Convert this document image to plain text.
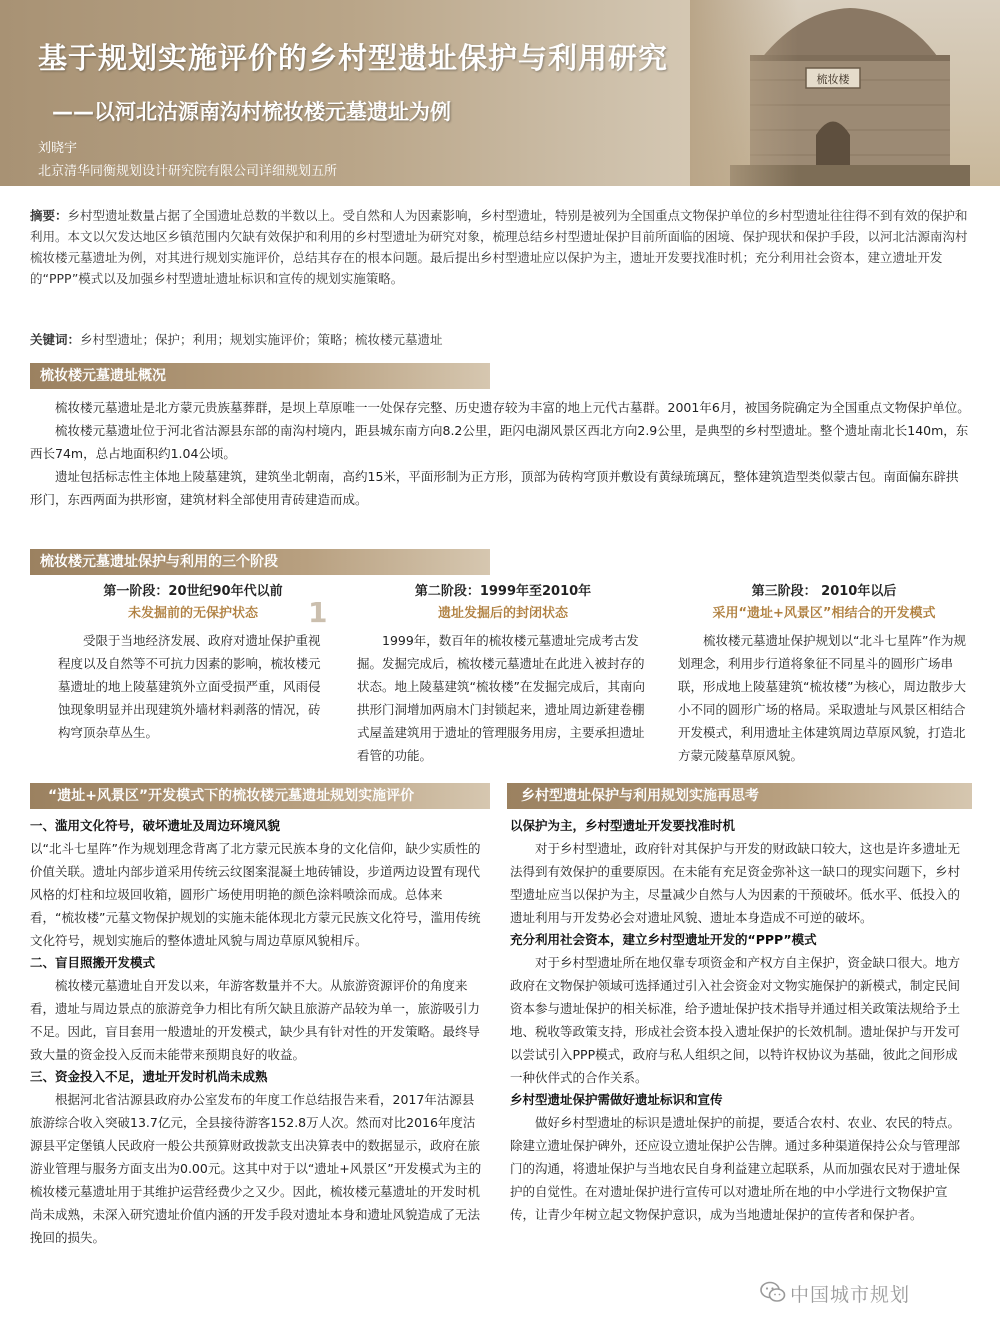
基于规划实施评价的乡村型遗址保护与利用研究
——以河北沽源南沟村梳妆楼元墓遗址为例
刘晓宇
北京清华同衡规划设计研究院有限公司详细规划五所
摘要：乡村型遗址数量占据了全国遗址总数的半数以上。受自然和人为因素影响，乡村型遗址，特别是被列为全国重点文物保护单位的乡村型遗址往往得不到有效的保护和利用。本文以欠发达地区乡镇范围内欠缺有效保护和利用的乡村型遗址为研究对象，梳理总结乡村型遗址保护目前所面临的困境、保护现状和保护手段，以河北沽源南沟村梳妆楼元墓遗址为例，对其进行规划实施评价，总结其存在的根本问题。最后提出乡村型遗址应以保护为主，遗址开发要找准时机；充分利用社会资本，建立遗址开发的“PPP”模式以及加强乡村型遗址遗址标识和宣传的规划实施策略。
关键词：乡村型遗址；保护；利用；规划实施评价；策略；梳妆楼元墓遗址
梳妆楼元墓遗址概况

梳妆楼元墓遗址是北方蒙元贵族墓葬群，是坝上草原唯一一处保存完整、历史遗存较为丰富的地上元代古墓群。2001年6月，被国务院确定为全国重点文物保护单位。

梳妆楼元墓遗址位于河北省沽源县东部的南沟村境内，距县城东南方向8.2公里，距闪电湖风景区西北方向2.9公里，是典型的乡村型遗址。整个遗址南北长140m，东西长74m，总占地面积约1.04公顷。

遗址包括标志性主体地上陵墓建筑，建筑坐北朝南，高约15米，平面形制为正方形，顶部为砖构穹顶并敷设有黄绿琉璃瓦，整体建筑造型类似蒙古包。南面偏东辟拱形门，东西两面为拱形窗，建筑材料全部使用青砖建造而成。

梳妆楼元墓遗址保护与利用的三个阶段
1
第一阶段：20世纪90年代以前
未发掘前的无保护状态

受限于当地经济发展、政府对遗址保护重视程度以及自然等不可抗力因素的影响，梳妆楼元墓遗址的地上陵墓建筑外立面受损严重，风雨侵蚀现象明显并出现建筑外墙材料剥落的情况，砖构穹顶杂草丛生。

第二阶段：1999年至2010年
遗址发掘后的封闭状态

1999年，数百年的梳妆楼元墓遗址完成考古发掘。发掘完成后，梳妆楼元墓遗址在此进入被封存的状态。地上陵墓建筑“梳妆楼”在发掘完成后，其南向拱形门洞增加两扇木门封锁起来，遗址周边新建卷棚式屋盖建筑用于遗址的管理服务用房，主要承担遗址看管的功能。

第三阶段： 2010年以后
采用“遗址+风景区”相结合的开发模式

梳妆楼元墓遗址保护规划以“北斗七星阵”作为规划理念，利用步行道将象征不同星斗的圆形广场串联，形成地上陵墓建筑“梳妆楼”为核心，周边散步大小不同的圆形广场的格局。采取遗址与风景区相结合开发模式，利用遗址主体建筑周边草原风貌，打造北方蒙元陵墓草原风貌。

“遗址+风景区”开发模式下的梳妆楼元墓遗址规划实施评价

一、滥用文化符号，破坏遗址及周边环境风貌

以“北斗七星阵”作为规划理念背离了北方蒙元民族本身的文化信仰，缺少实质性的价值关联。遗址内部步道采用传统云纹图案混凝土地砖铺设，步道两边设置有现代风格的灯柱和垃圾回收箱，圆形广场使用明艳的颜色涂料喷涂而成。总体来看，“梳妆楼”元墓文物保护规划的实施未能体现北方蒙元民族文化符号，滥用传统文化符号，规划实施后的整体遗址风貌与周边草原风貌相斥。

二、盲目照搬开发模式

梳妆楼元墓遗址自开发以来，年游客数量并不大。从旅游资源评价的角度来看，遗址与周边景点的旅游竞争力相比有所欠缺且旅游产品较为单一，旅游吸引力不足。因此，盲目套用一般遗址的开发模式，缺少具有针对性的开发策略。最终导致大量的资金投入反而未能带来预期良好的收益。

三、资金投入不足，遗址开发时机尚未成熟

根据河北省沽源县政府办公室发布的年度工作总结报告来看，2017年沽源县旅游综合收入突破13.7亿元，全县接待游客152.8万人次。然而对比2016年度沽源县平定堡镇人民政府一般公共预算财政拨款支出决算表中的数据显示，政府在旅游业管理与服务方面支出为0.00元。这其中对于以“遗址+风景区”开发模式为主的梳妆楼元墓遗址用于其维护运营经费少之又少。因此，梳妆楼元墓遗址的开发时机尚未成熟，未深入研究遗址价值内涵的开发手段对遗址本身和遗址风貌造成了无法挽回的损失。

乡村型遗址保护与利用规划实施再思考

以保护为主，乡村型遗址开发要找准时机

对于乡村型遗址，政府针对其保护与开发的财政缺口较大，这也是许多遗址无法得到有效保护的重要原因。在未能有充足资金弥补这一缺口的现实问题下，乡村型遗址应当以保护为主，尽量减少自然与人为因素的干预破坏。低水平、低投入的遗址利用与开发势必会对遗址风貌、遗址本身造成不可逆的破坏。

充分利用社会资本，建立乡村型遗址开发的“PPP”模式

对于乡村型遗址所在地仅靠专项资金和产权方自主保护，资金缺口很大。地方政府在文物保护领域可选择通过引入社会资金对文物实施保护的新模式，制定民间资本参与遗址保护的相关标准，给予遗址保护技术指导并通过相关政策法规给予土地、税收等政策支持，形成社会资本投入遗址保护的长效机制。遗址保护与开发可以尝试引入PPP模式，政府与私人组织之间，以特许权协议为基础，彼此之间形成一种伙伴式的合作关系。

乡村型遗址保护需做好遗址标识和宣传

做好乡村型遗址的标识是遗址保护的前提，要适合农村、农业、农民的特点。除建立遗址保护碑外，还应设立遗址保护公告牌。通过多种渠道保持公众与管理部门的沟通，将遗址保护与当地农民自身利益建立起联系，从而加强农民对于遗址保护的自觉性。在对遗址保护进行宣传可以对遗址所在地的中小学进行文物保护宣传，让青少年树立起文物保护意识，成为当地遗址保护的宣传者和保护者。

中国城市规划
